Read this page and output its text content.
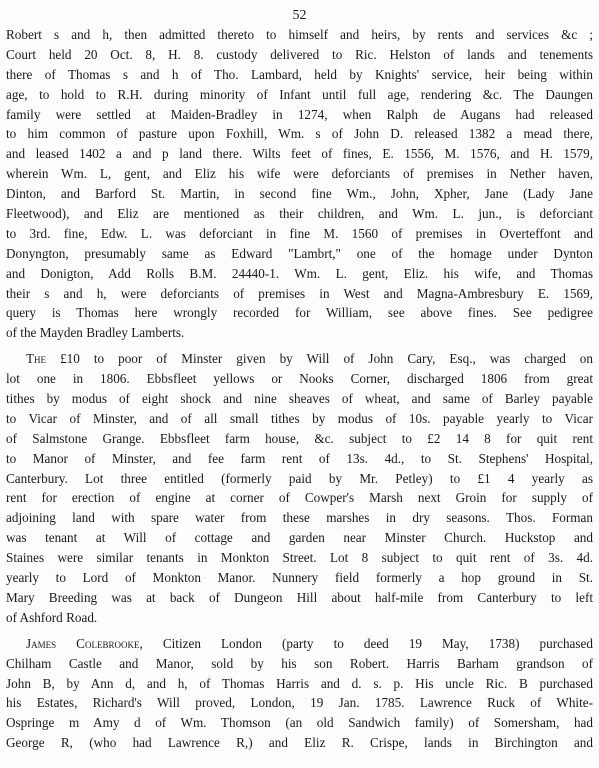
52
Robert s and h, then admitted thereto to himself and heirs, by rents and services &c ;
Court held 20 Oct. 8, H. 8. custody delivered to Ric. Helston of lands and tenements
there of Thomas s and h of Tho. Lambard, held by Knights' service, heir being within
age, to hold to R.H. during minority of Infant until full age, rendering &c. The Daungen
family were settled at Maiden-Bradley in 1274, when Ralph de Augans had released
to him common of pasture upon Foxhill, Wm. s of John D. released 1382 a mead there,
and leased 1402 a and p land there. Wilts feet of fines, E. 1556, M. 1576, and H. 1579,
wherein Wm. L, gent, and Eliz his wife were deforciants of premises in Nether haven,
Dinton, and Barford St. Martin, in second fine Wm., John, Xpher, Jane (Lady Jane
Fleetwood), and Eliz are mentioned as their children, and Wm. L. jun., is deforciant
to 3rd. fine, Edw. L. was deforciant in fine M. 1560 of premises in Overteffont and
Donyngton, presumably same as Edward "Lambrt," one of the homage under Dynton
and Donigton, Add Rolls B.M. 24440-1. Wm. L. gent, Eliz. his wife, and Thomas
their s and h, were deforciants of premises in West and Magna-Ambresbury E. 1569,
query is Thomas here wrongly recorded for William, see above fines. See pedigree
of the Mayden Bradley Lamberts.
The £10 to poor of Minster given by Will of John Cary, Esq., was charged on
lot one in 1806. Ebbsfleet yellows or Nooks Corner, discharged 1806 from great
tithes by modus of eight shock and nine sheaves of wheat, and same of Barley payable
to Vicar of Minster, and of all small tithes by modus of 10s. payable yearly to Vicar
of Salmstone Grange. Ebbsfleet farm house, &c. subject to £2 14 8 for quit rent
to Manor of Minster, and fee farm rent of 13s. 4d., to St. Stephens' Hospital,
Canterbury. Lot three entitled (formerly paid by Mr. Petley) to £1 4 yearly as
rent for erection of engine at corner of Cowper's Marsh next Groin for supply of
adjoining land with spare water from these marshes in dry seasons. Thos. Forman
was tenant at Will of cottage and garden near Minster Church. Huckstop and
Staines were similar tenants in Monkton Street. Lot 8 subject to quit rent of 3s. 4d.
yearly to Lord of Monkton Manor. Nunnery field formerly a hop ground in St.
Mary Breeding was at back of Dungeon Hill about half-mile from Canterbury to left
of Ashford Road.
James Colebrooke, Citizen London (party to deed 19 May, 1738) purchased
Chilham Castle and Manor, sold by his son Robert. Harris Barham grandson of
John B, by Ann d, and h, of Thomas Harris and d. s. p. His uncle Ric. B purchased
his Estates, Richard's Will proved, London, 19 Jan. 1785. Lawrence Ruck of White-
Ospringe m Amy d of Wm. Thomson (an old Sandwich family) of Somersham, had
George R, (who had Lawrence R,) and Eliz R. Crispe, lands in Birchington and
